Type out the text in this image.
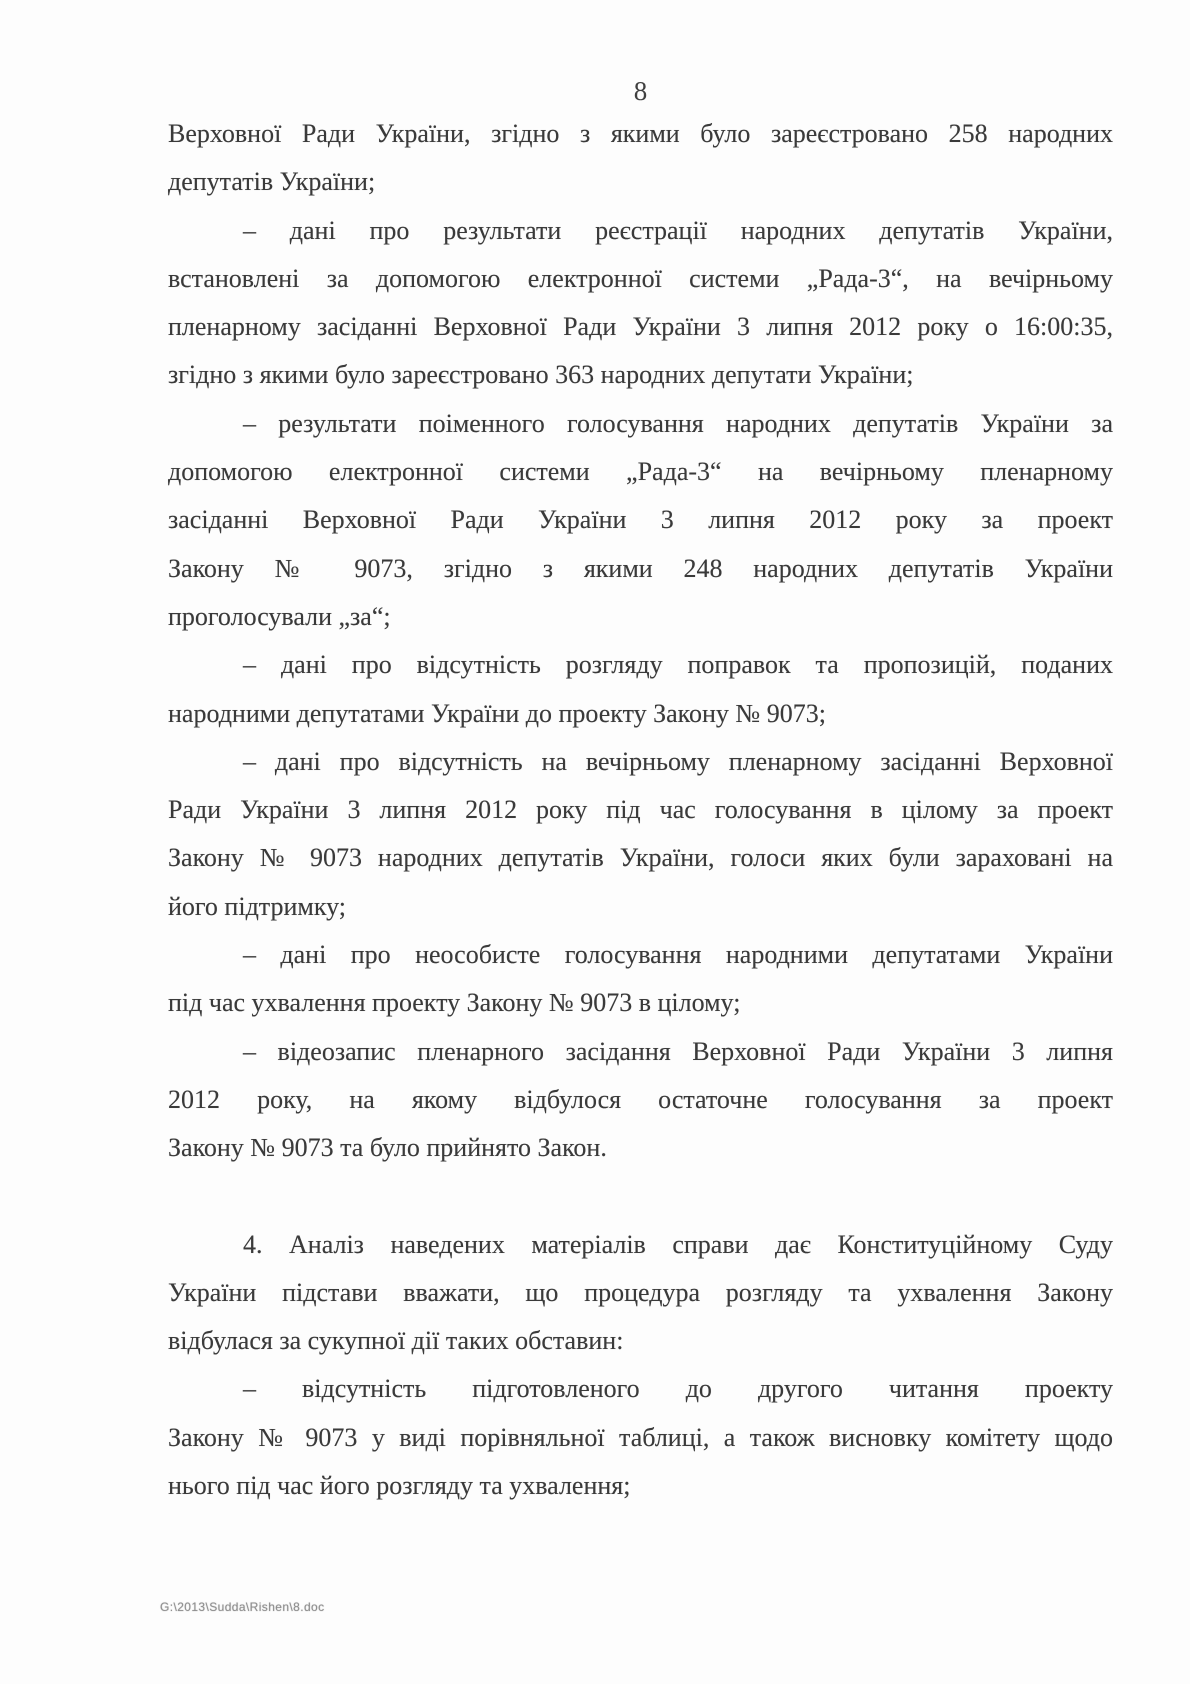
8
Верховної Ради України, згідно з якими було зареєстровано 258 народних
депутатів України;
– дані про результати реєстрації народних депутатів України,
встановлені за допомогою електронної системи „Рада-3“, на вечірньому
пленарному засіданні Верховної Ради України 3 липня 2012 року о 16:00:35,
згідно з якими було зареєстровано 363 народних депутати України;
– результати поіменного голосування народних депутатів України за
допомогою електронної системи „Рада-3“ на вечірньому пленарному
засіданні Верховної Ради України 3 липня 2012 року за проект
Закону № 9073, згідно з якими 248 народних депутатів України
проголосували „за“;
– дані про відсутність розгляду поправок та пропозицій, поданих
народними депутатами України до проекту Закону № 9073;
– дані про відсутність на вечірньому пленарному засіданні Верховної
Ради України 3 липня 2012 року під час голосування в цілому за проект
Закону № 9073 народних депутатів України, голоси яких були зараховані на
його підтримку;
– дані про неособисте голосування народними депутатами України
під час ухвалення проекту Закону № 9073 в цілому;
– відеозапис пленарного засідання Верховної Ради України 3 липня
2012 року, на якому відбулося остаточне голосування за проект
Закону № 9073 та було прийнято Закон.
4. Аналіз наведених матеріалів справи дає Конституційному Суду
України підстави вважати, що процедура розгляду та ухвалення Закону
відбулася за сукупної дії таких обставин:
– відсутність підготовленого до другого читання проекту
Закону № 9073 у виді порівняльної таблиці, а також висновку комітету щодо
нього під час його розгляду та ухвалення;
G:\2013\Sudda\Rishen\8.doc
